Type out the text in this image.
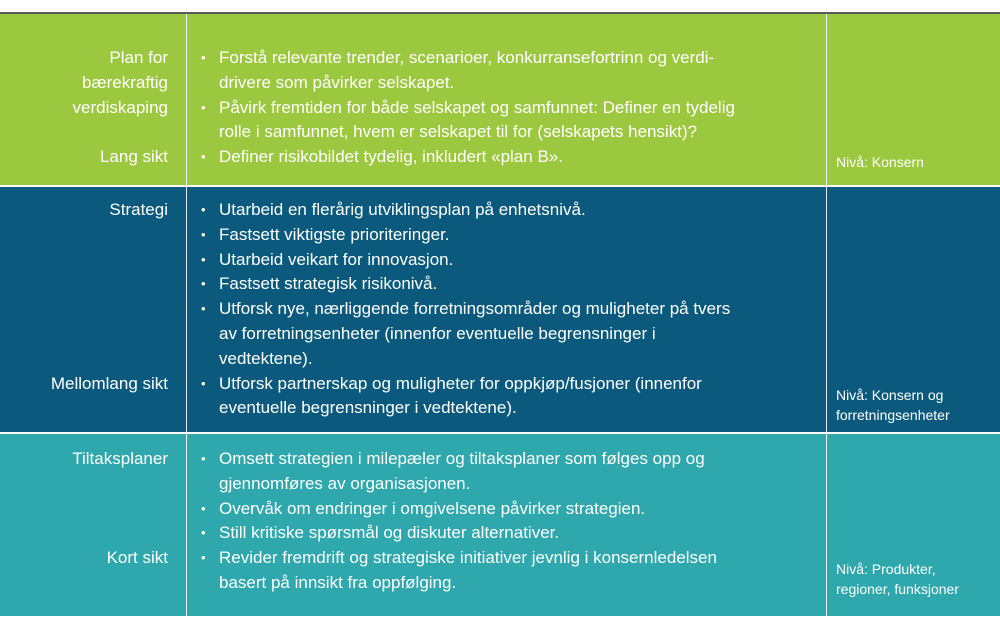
Plan for
bærekraftig
verdiskaping
Lang sikt
• Forstå relevante trender, scenarioer, konkurransefortrinn og verdi-
drivere som påvirker selskapet.
• Påvirk fremtiden for både selskapet og samfunnet: Definer en tydelig
rolle i samfunnet, hvem er selskapet til for (selskapets hensikt)?
• Definer risikobildet tydelig, inkludert «plan B».	Nivå: Konsern
Strategi
Mellomlang sikt
• Utarbeid en flerårig utviklingsplan på enhetsnivå.
• Fastsett viktigste prioriteringer.
• Utarbeid veikart for innovasjon.
• Fastsett strategisk risikonivå.
• Utforsk nye, nærliggende forretningsområder og muligheter på tvers
av forretningsenheter (innenfor eventuelle begrensninger i
vedtektene).
• Utforsk partnerskap og muligheter for oppkjøp/fusjoner (innenfor
eventuelle begrensninger i vedtektene).
Nivå: Konsern og
forretningsenheter
Tiltaksplaner
Kort sikt
• Omsett strategien i milepæler og tiltaksplaner som følges opp og
gjennomføres av organisasjonen.
• Overvåk om endringer i omgivelsene påvirker strategien.
• Still kritiske spørsmål og diskuter alternativer.
• Revider fremdrift og strategiske initiativer jevnlig i konsernledelsen
basert på innsikt fra oppfølging.
Nivå: Produkter,
regioner, funksjoner
